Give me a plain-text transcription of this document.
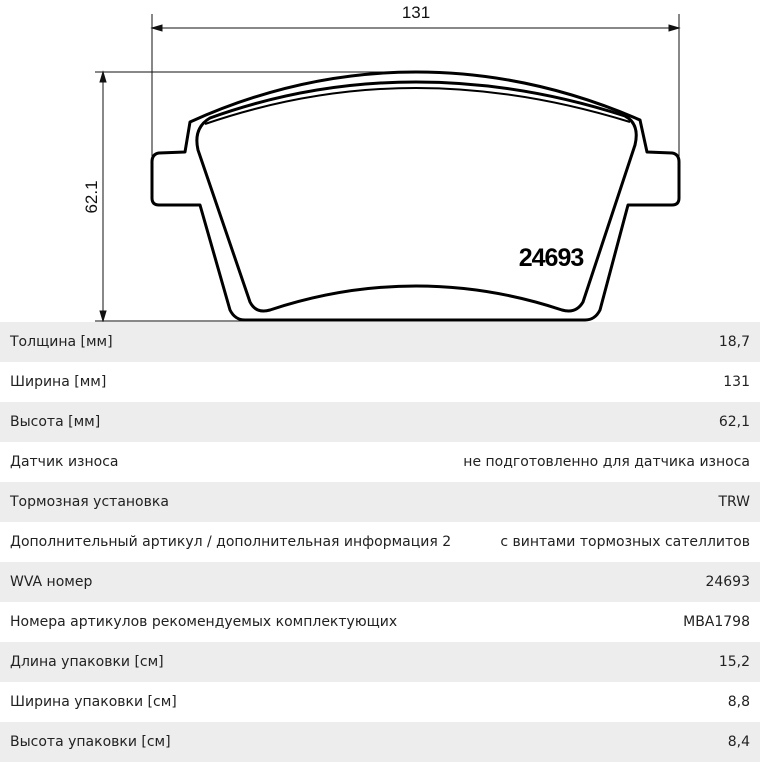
131
62.1
24693
Толщина [мм]	18,7
Ширина [мм]	131
Высота [мм]	62,1
Датчик износа	не подготовленно для датчика износа
Тормозная установка	TRW
Дополнительный артикул / дополнительная информация 2	с винтами тормозных сателлитов
WVA номер	24693
Номера артикулов рекомендуемых комплектующих	MBA1798
Длина упаковки [см]	15,2
Ширина упаковки [см]	8,8
Высота упаковки [см]	8,4
